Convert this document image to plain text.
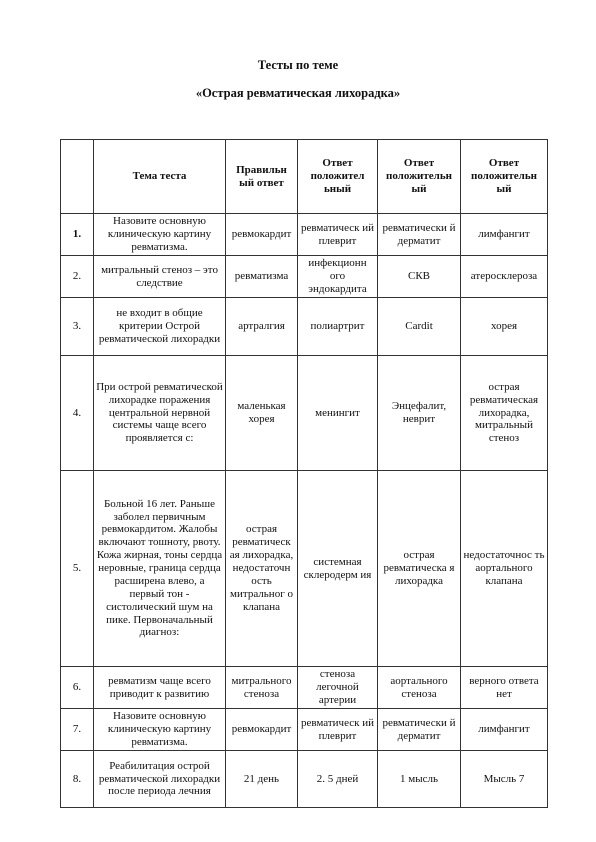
Тесты по теме
«Острая ревматическая лихорадка»
	Тема теста	Правильн ый ответ	Ответ положител ьный	Ответ положительн ый	Ответ положительн ый
1.	Назовите основную клиническую картину ревматизма.	ревмокардит	ревматическ ий плеврит	ревматически й дерматит	лимфангит
2.	митральный стеноз – это следствие	ревматизма	инфекционн ого эндокардита	СКВ	атеросклероза
3.	не входит в общие критерии Острой ревматической лихорадки	артралгия	полиартрит	Cardit	хорея
4.	При острой ревматической лихорадке поражения центральной нервной системы чаще всего проявляется с:	маленькая хорея	менингит	Энцефалит, неврит	острая ревматическая лихорадка, митральный стеноз
5.	Больной 16 лет. Раньше заболел первичным ревмокардитом. Жалобы включают тошноту, рвоту. Кожа жирная, тоны сердца неровные, граница сердца расширена влево, а первый тон - систолический шум на пике. Первоначальный диагноз:	острая ревматическ ая лихорадка, недостаточн ость митральног о клапана	системная склеродерм ия	острая ревматическа я лихорадка	недостаточнос ть аортального клапана
6.	ревматизм чаще всего приводит к развитию	митрального стеноза	стеноза легочной артерии	аортального стеноза	верного ответа нет
7.	Назовите основную клиническую картину ревматизма.	ревмокардит	ревматическ ий плеврит	ревматически й дерматит	лимфангит
8.	Реабилитация острой ревматической лихорадки после периода лечния	21 день	2. 5 дней	1 мысль	Мысль 7
